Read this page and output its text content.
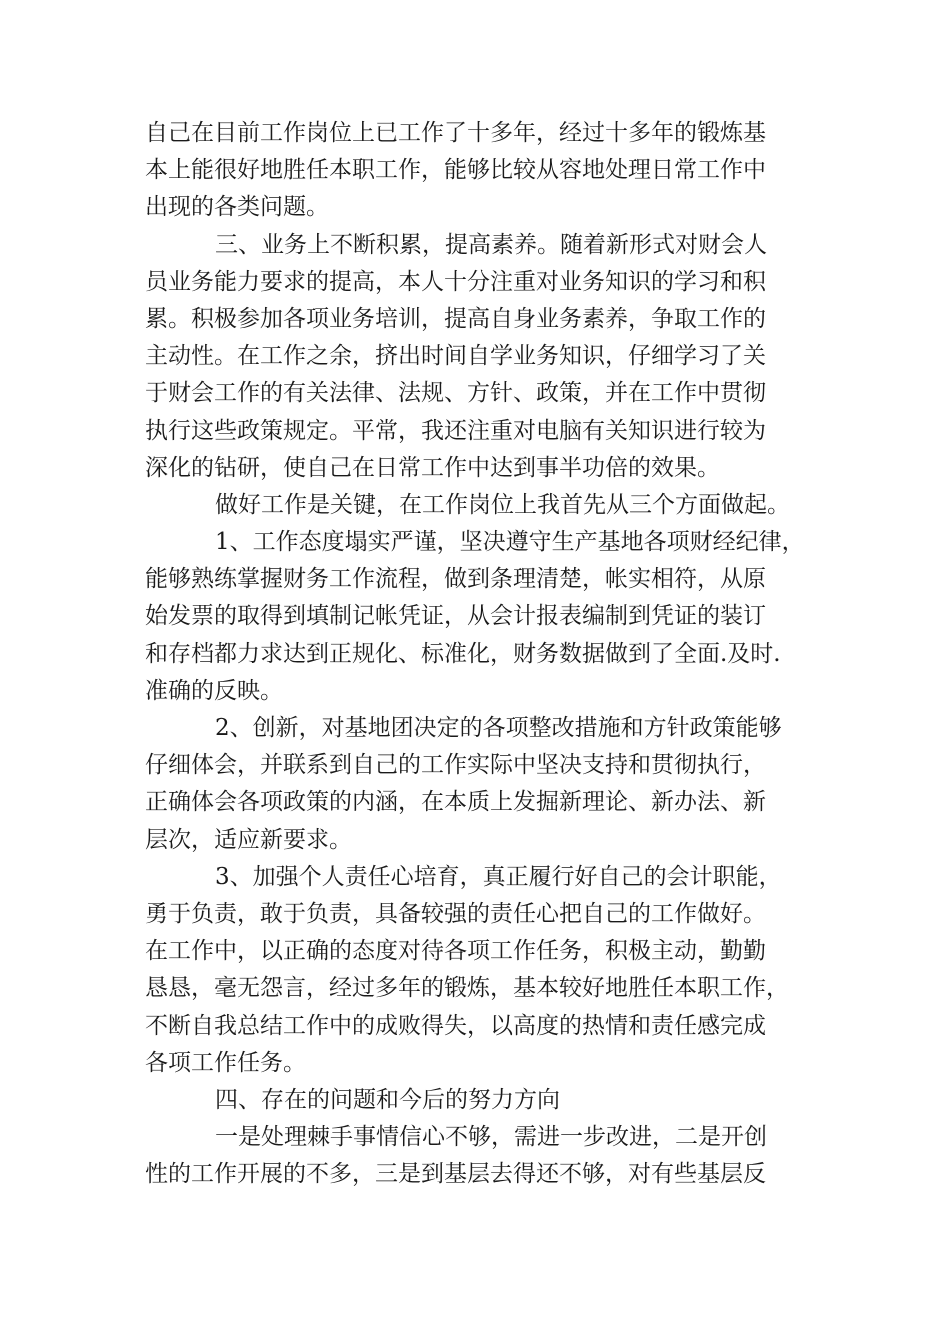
自己在目前工作岗位上已工作了十多年，经过十多年的锻炼基
本上能很好地胜任本职工作，能够比较从容地处理日常工作中
出现的各类问题。
三、业务上不断积累，提高素养。随着新形式对财会人
员业务能力要求的提高，本人十分注重对业务知识的学习和积
累。积极参加各项业务培训，提高自身业务素养，争取工作的
主动性。在工作之余，挤出时间自学业务知识，仔细学习了关
于财会工作的有关法律、法规、方针、政策，并在工作中贯彻
执行这些政策规定。平常，我还注重对电脑有关知识进行较为
深化的钻研，使自己在日常工作中达到事半功倍的效果。
做好工作是关键，在工作岗位上我首先从三个方面做起。
1、工作态度塌实严谨，坚决遵守生产基地各项财经纪律，
能够熟练掌握财务工作流程，做到条理清楚，帐实相符，从原
始发票的取得到填制记帐凭证，从会计报表编制到凭证的装订
和存档都力求达到正规化、标准化，财务数据做到了全面.及时.
准确的反映。
2、创新，对基地团决定的各项整改措施和方针政策能够
仔细体会，并联系到自己的工作实际中坚决支持和贯彻执行，
正确体会各项政策的内涵，在本质上发掘新理论、新办法、新
层次，适应新要求。
3、加强个人责任心培育，真正履行好自己的会计职能，
勇于负责，敢于负责，具备较强的责任心把自己的工作做好。
在工作中，以正确的态度对待各项工作任务，积极主动，勤勤
恳恳，毫无怨言，经过多年的锻炼，基本较好地胜任本职工作，
不断自我总结工作中的成败得失，以高度的热情和责任感完成
各项工作任务。
四、存在的问题和今后的努力方向
一是处理棘手事情信心不够，需进一步改进，二是开创
性的工作开展的不多，三是到基层去得还不够，对有些基层反
